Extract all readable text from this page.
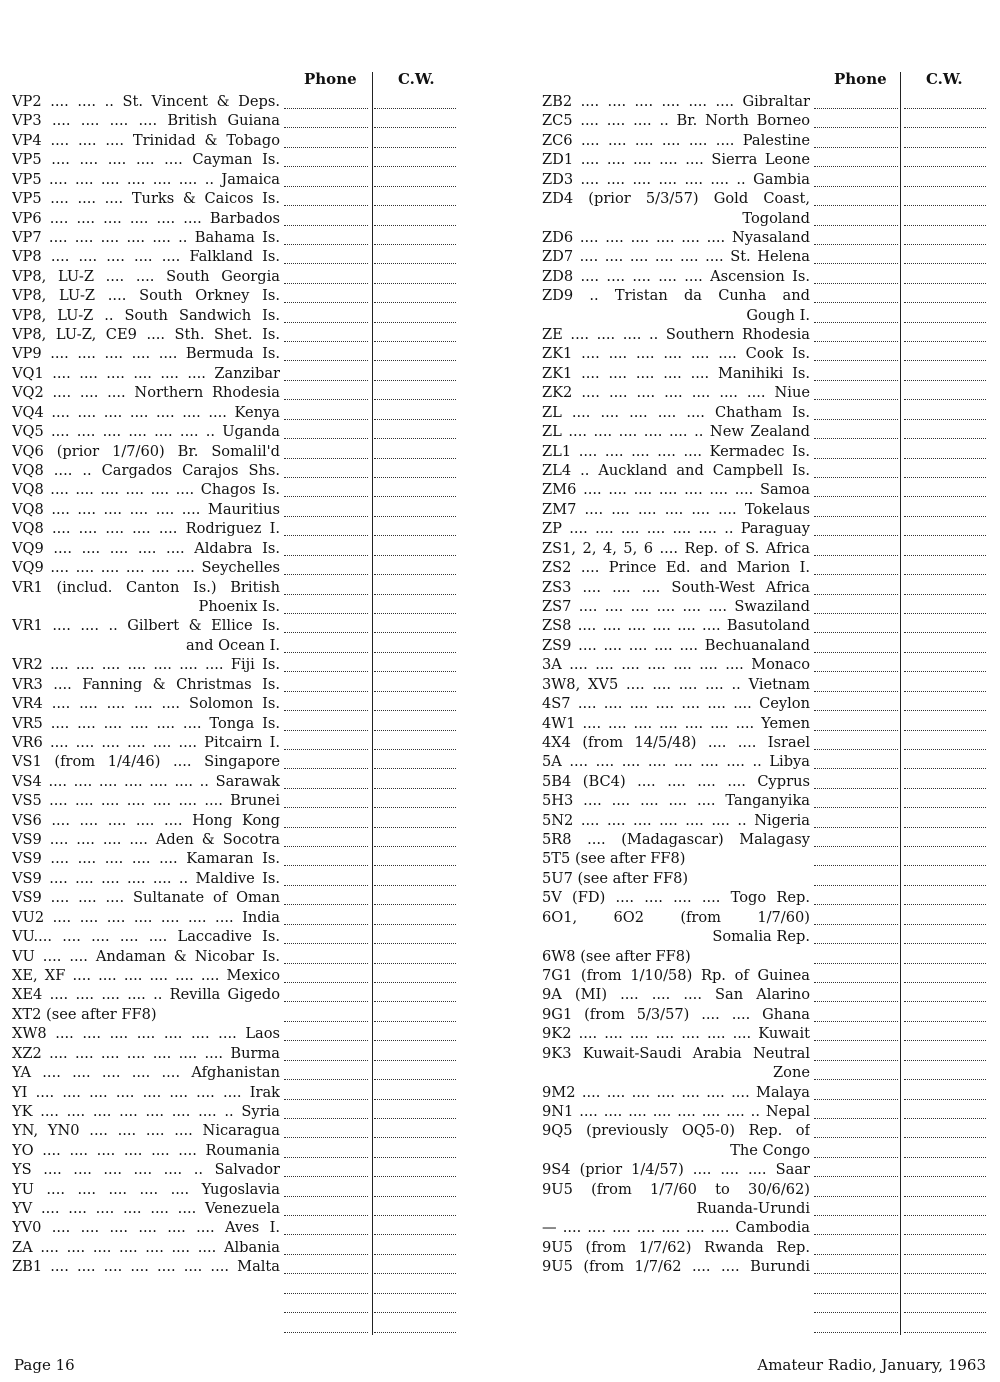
Phone	C.W.
VP2 .... .... .. St. Vincent & Deps.
VP3 .... .... .... .... British Guiana
VP4 .... .... .... Trinidad & Tobago
VP5 .... .... .... .... .... Cayman Is.
VP5 .... .... .... .... .... .... .. Jamaica
VP5 .... .... .... Turks & Caicos Is.
VP6 .... .... .... .... .... .... Barbados
VP7 .... .... .... .... .... .. Bahama Is.
VP8 .... .... .... .... .... Falkland Is.
VP8, LU-Z .... .... South Georgia
VP8, LU-Z .... South Orkney Is.
VP8, LU-Z .. South Sandwich Is.
VP8, LU-Z, CE9 .... Sth. Shet. Is.
VP9 .... .... .... .... .... Bermuda Is.
VQ1 .... .... .... .... .... .... Zanzibar
VQ2 .... .... .... Northern Rhodesia
VQ4 .... .... .... .... .... .... .... Kenya
VQ5 .... .... .... .... .... .... .. Uganda
VQ6 (prior 1/7/60) Br. Somalil'd
VQ8 .... .. Cargados Carajos Shs.
VQ8 .... .... .... .... .... .... Chagos Is.
VQ8 .... .... .... .... .... .... Mauritius
VQ8 .... .... .... .... .... Rodriguez I.
VQ9 .... .... .... .... .... Aldabra Is.
VQ9 .... .... .... .... .... .... Seychelles
VR1 (includ. Canton Is.) British
Phoenix Is.
VR1 .... .... .. Gilbert & Ellice Is.
and Ocean I.
VR2 .... .... .... .... .... .... .... Fiji Is.
VR3 .... Fanning & Christmas Is.
VR4 .... .... .... .... .... Solomon Is.
VR5 .... .... .... .... .... .... Tonga Is.
VR6 .... .... .... .... .... .... Pitcairn I.
VS1 (from 1/4/46) .... Singapore
VS4 .... .... .... .... .... .... .. Sarawak
VS5 .... .... .... .... .... .... .... Brunei
VS6 .... .... .... .... .... Hong Kong
VS9 .... .... .... .... Aden & Socotra
VS9 .... .... .... .... .... Kamaran Is.
VS9 .... .... .... .... .... .. Maldive Is.
VS9 .... .... .... Sultanate of Oman
VU2 .... .... .... .... .... .... .... India
VU.... .... .... .... .... Laccadive Is.
VU .... .... Andaman & Nicobar Is.
XE, XF .... .... .... .... .... .... Mexico
XE4 .... .... .... .... .. Revilla Gigedo
XT2 (see after FF8)
XW8 .... .... .... .... .... .... .... Laos
XZ2 .... .... .... .... .... .... .... Burma
YA .... .... .... .... .... Afghanistan
YI .... .... .... .... .... .... .... .... Irak
YK .... .... .... .... .... .... .... .. Syria
YN, YN0 .... .... .... .... Nicaragua
YO .... .... .... .... .... .... Roumania
YS .... .... .... .... .... .. Salvador
YU .... .... .... .... .... Yugoslavia
YV .... .... .... .... .... .... Venezuela
YV0 .... .... .... .... .... .... Aves I.
ZA .... .... .... .... .... .... .... Albania
ZB1 .... .... .... .... .... .... .... Malta
Phone	C.W.
ZB2 .... .... .... .... .... .... Gibraltar
ZC5 .... .... .... .. Br. North Borneo
ZC6 .... .... .... .... .... .... Palestine
ZD1 .... .... .... .... .... Sierra Leone
ZD3 .... .... .... .... .... .... .. Gambia
ZD4 (prior 5/3/57) Gold Coast,
Togoland
ZD6 .... .... .... .... .... .... Nyasaland
ZD7 .... .... .... .... .... .... St. Helena
ZD8 .... .... .... .... .... Ascension Is.
ZD9 .. Tristan da Cunha and
Gough I.
ZE .... .... .... .. Southern Rhodesia
ZK1 .... .... .... .... .... .... Cook Is.
ZK1 .... .... .... .... .... Manihiki Is.
ZK2 .... .... .... .... .... .... .... Niue
ZL .... .... .... .... .... Chatham Is.
ZL .... .... .... .... .... .. New Zealand
ZL1 .... .... .... .... .... Kermadec Is.
ZL4 .. Auckland and Campbell Is.
ZM6 .... .... .... .... .... .... .... Samoa
ZM7 .... .... .... .... .... .... Tokelaus
ZP .... .... .... .... .... .... .. Paraguay
ZS1, 2, 4, 5, 6 .... Rep. of S. Africa
ZS2 .... Prince Ed. and Marion I.
ZS3 .... .... .... South-West Africa
ZS7 .... .... .... .... .... .... Swaziland
ZS8 .... .... .... .... .... .... Basutoland
ZS9 .... .... .... .... .... Bechuanaland
3A .... .... .... .... .... .... .... Monaco
3W8, XV5 .... .... .... .... .. Vietnam
4S7 .... .... .... .... .... .... .... Ceylon
4W1 .... .... .... .... .... .... .... Yemen
4X4 (from 14/5/48) .... .... Israel
5A .... .... .... .... .... .... .... .. Libya
5B4 (BC4) .... .... .... .... Cyprus
5H3 .... .... .... .... .... Tanganyika
5N2 .... .... .... .... .... .... .. Nigeria
5R8 .... (Madagascar) Malagasy
5T5 (see after FF8)
5U7 (see after FF8)
5V (FD) .... .... .... .... Togo Rep.
6O1, 6O2 (from 1/7/60)
Somalia Rep.
6W8 (see after FF8)
7G1 (from 1/10/58) Rp. of Guinea
9A (MI) .... .... .... San Alarino
9G1 (from 5/3/57) .... .... Ghana
9K2 .... .... .... .... .... .... .... Kuwait
9K3 Kuwait-Saudi Arabia Neutral
Zone
9M2 .... .... .... .... .... .... .... Malaya
9N1 .... .... .... .... .... .... .... .. Nepal
9Q5 (previously OQ5-0) Rep. of
The Congo
9S4 (prior 1/4/57) .... .... .... Saar
9U5 (from 1/7/60 to 30/6/62)
Ruanda-Urundi
— .... .... .... .... .... .... .... Cambodia
9U5 (from 1/7/62) Rwanda Rep.
9U5 (from 1/7/62 .... .... Burundi
Page 16	Amateur Radio, January, 1963
